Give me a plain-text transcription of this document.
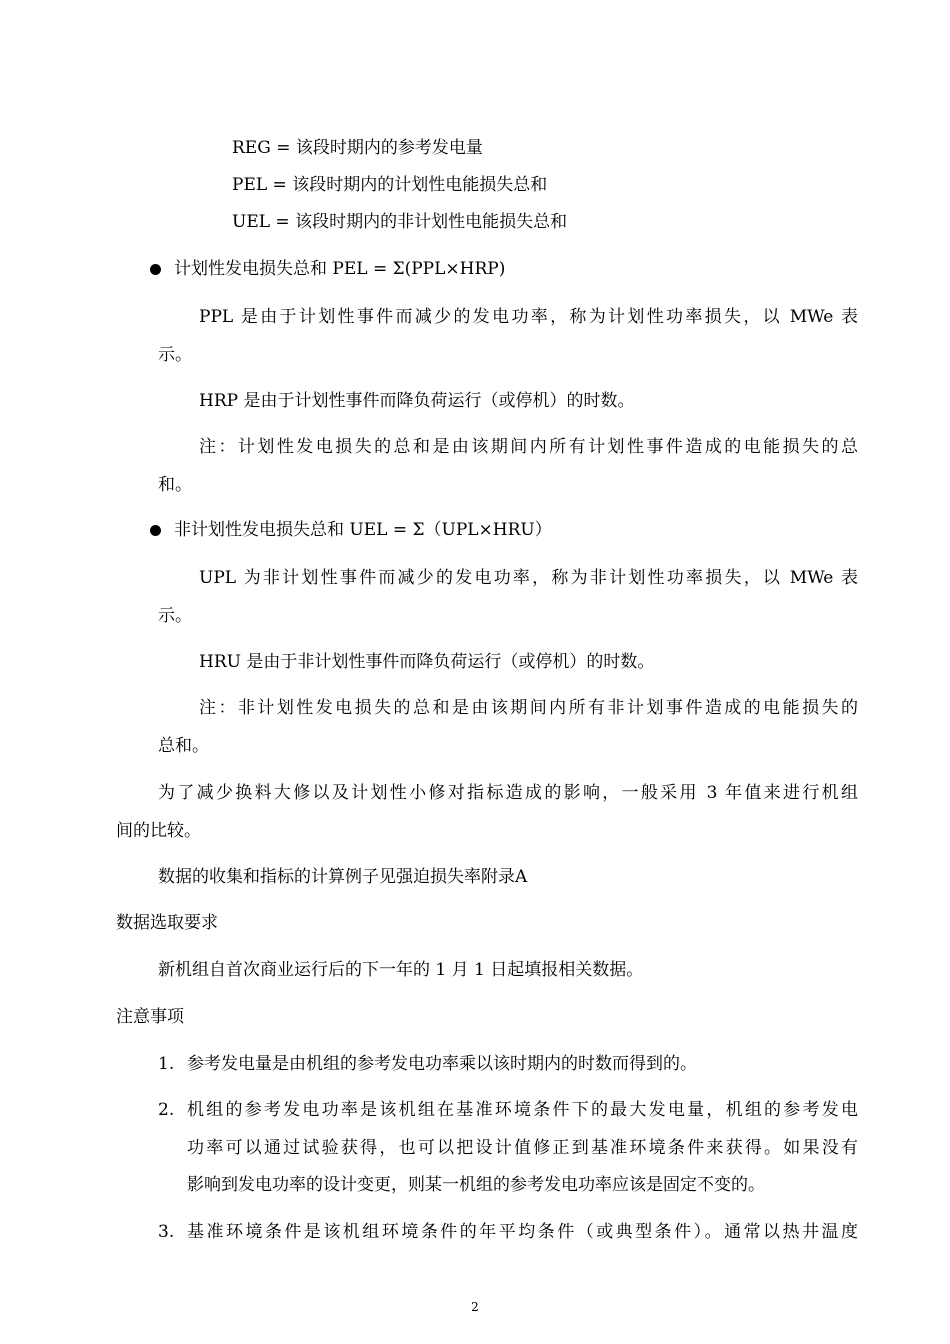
REG = 该段时期内的参考发电量
PEL = 该段时期内的计划性电能损失总和
UEL = 该段时期内的非计划性电能损失总和
计划性发电损失总和 PEL = Σ(PPL×HRP)
PPL 是由于计划性事件而减少的发电功率，称为计划性功率损失，以 MWe 表
示。
HRP 是由于计划性事件而降负荷运行（或停机）的时数。
注：计划性发电损失的总和是由该期间内所有计划性事件造成的电能损失的总
和。
非计划性发电损失总和 UEL = Σ（UPL×HRU）
UPL 为非计划性事件而减少的发电功率，称为非计划性功率损失，以 MWe 表
示。
HRU 是由于非计划性事件而降负荷运行（或停机）的时数。
注：非计划性发电损失的总和是由该期间内所有非计划事件造成的电能损失的
总和。
为了减少换料大修以及计划性小修对指标造成的影响，一般采用 3 年值来进行机组
间的比较。
数据的收集和指标的计算例子见强迫损失率附录A
数据选取要求
新机组自首次商业运行后的下一年的 1 月 1 日起填报相关数据。
注意事项
1. 参考发电量是由机组的参考发电功率乘以该时期内的时数而得到的。
2. 机组的参考发电功率是该机组在基准环境条件下的最大发电量，机组的参考发电
功率可以通过试验获得，也可以把设计值修正到基准环境条件来获得。如果没有
影响到发电功率的设计变更，则某一机组的参考发电功率应该是固定不变的。
3. 基准环境条件是该机组环境条件的年平均条件（或典型条件）。通常以热井温度
2
